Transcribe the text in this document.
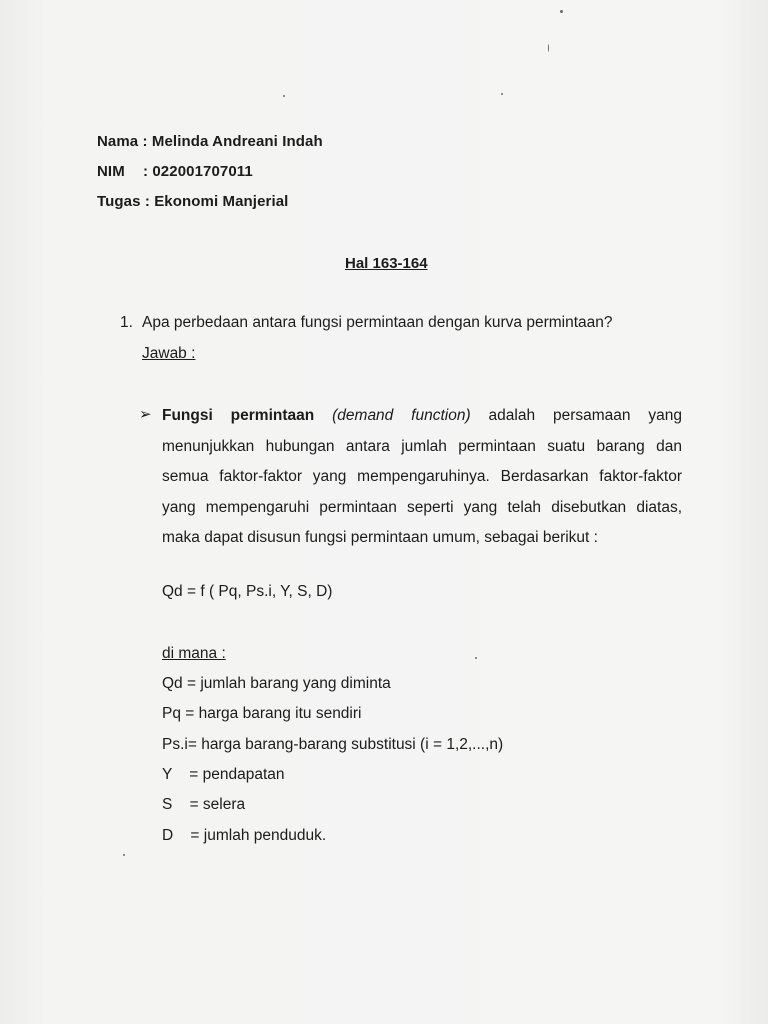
Nama : Melinda Andreani Indah
NIM : 022001707011
Tugas : Ekonomi Manjerial
Hal 163-164
1. Apa perbedaan antara fungsi permintaan dengan kurva permintaan?
Jawab :
➢ Fungsi permintaan (demand function) adalah persamaan yang
menunjukkan hubungan antara jumlah permintaan suatu barang dan
semua faktor-faktor yang mempengaruhinya. Berdasarkan faktor-faktor
yang mempengaruhi permintaan seperti yang telah disebutkan diatas,
maka dapat disusun fungsi permintaan umum, sebagai berikut :
Qd = f ( Pq, Ps.i, Y, S, D)
di mana :
Qd = jumlah barang yang diminta
Pq = harga barang itu sendiri
Ps.i= harga barang-barang substitusi (i = 1,2,...,n)
Y    = pendapatan
S    = selera
D    = jumlah penduduk.
